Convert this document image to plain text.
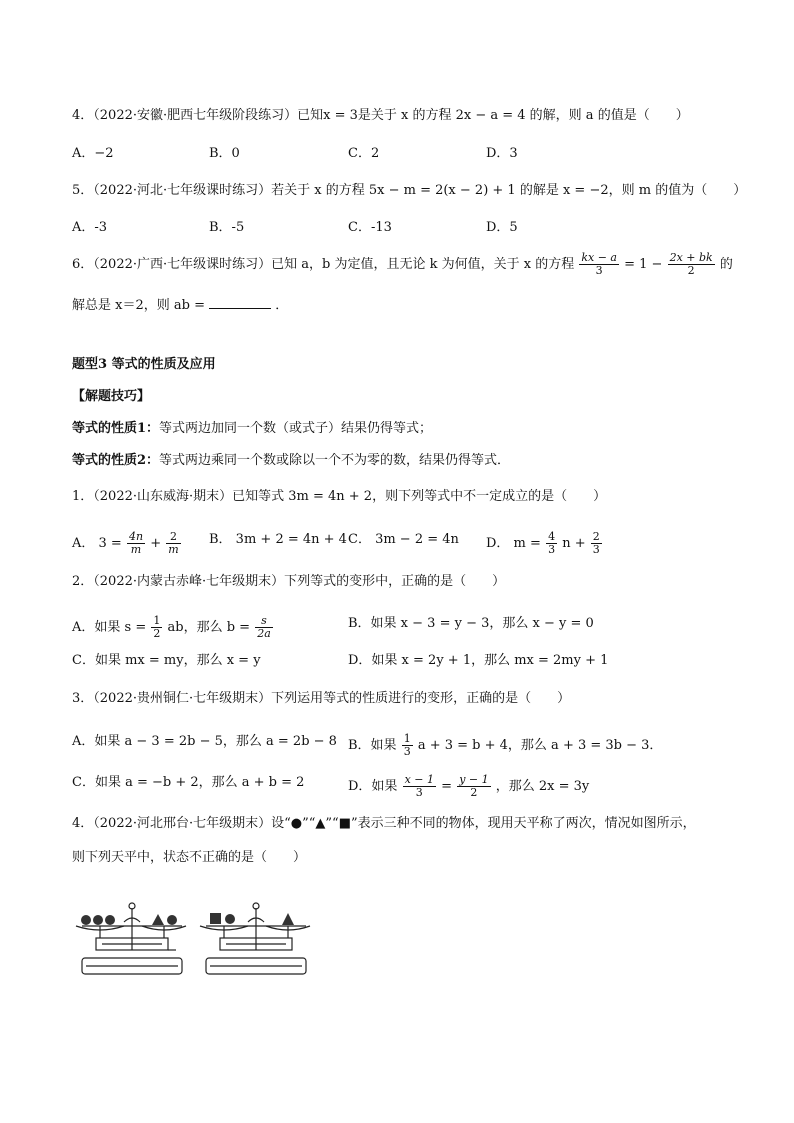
4．（2022·安徽·肥西七年级阶段练习）已知x = 3是关于 x 的方程 2x − a = 4 的解，则 a 的值是（　　）
A．−2	B．0	C．2	D．3
5．（2022·河北·七年级课时练习）若关于 x 的方程 5x − m = 2(x − 2) + 1 的解是 x = −2，则 m 的值为（　　）
A．-3	B．-5	C．-13	D．5
6．（2022·广西·七年级课时练习）已知 a，b 为定值，且无论 k 为何值，关于 x 的方程 $\frac{kx - a}{3} = 1 - \frac{2x + bk}{2}$ 的
解总是 x＝2，则 ab =	．
题型3 等式的性质及应用
【解题技巧】
等式的性质1：等式两边加同一个数（或式子）结果仍得等式；
等式的性质2：等式两边乘同一个数或除以一个不为零的数，结果仍得等式．
1．（2022·山东威海·期末）已知等式 3m = 4n + 2，则下列等式中不一定成立的是（　　）
A． $3 = \frac{4n}{m} + \frac{2}{m}$ B． 3m + 2 = 4n + 4 C． 3m − 2 = 4n D． $m = \frac{4}{3}$ $n + \frac{2}{3}$
2．（2022·内蒙古赤峰·七年级期末）下列等式的变形中，正确的是（　　）
A．如果 $s = \frac{1}{2}$ ab，那么 $b = \frac{s}{2a}$	B．如果 x − 3 = y − 3，那么 x − y = 0
C．如果 mx = my，那么 x = y	D．如果 x = 2y + 1，那么 mx = 2my + 1
3．（2022·贵州铜仁·七年级期末）下列运用等式的性质进行的变形，正确的是（　　）
A．如果 a − 3 = 2b − 5，那么 a = 2b − 8 B．如果 $\frac{1}{3}$ a + 3 = b + 4，那么 a + 3 = 3b − 3．
C．如果 a = −b + 2，那么 a + b = 2	D．如果 $\frac{x - 1}{3} = \frac{y - 1}{2}$ ，那么 2x = 3y
4．（2022·河北邢台·七年级期末）设“●”“▲”“■”表示三种不同的物体，现用天平称了两次，情况如图所示，
则下列天平中，状态不正确的是（　　）
